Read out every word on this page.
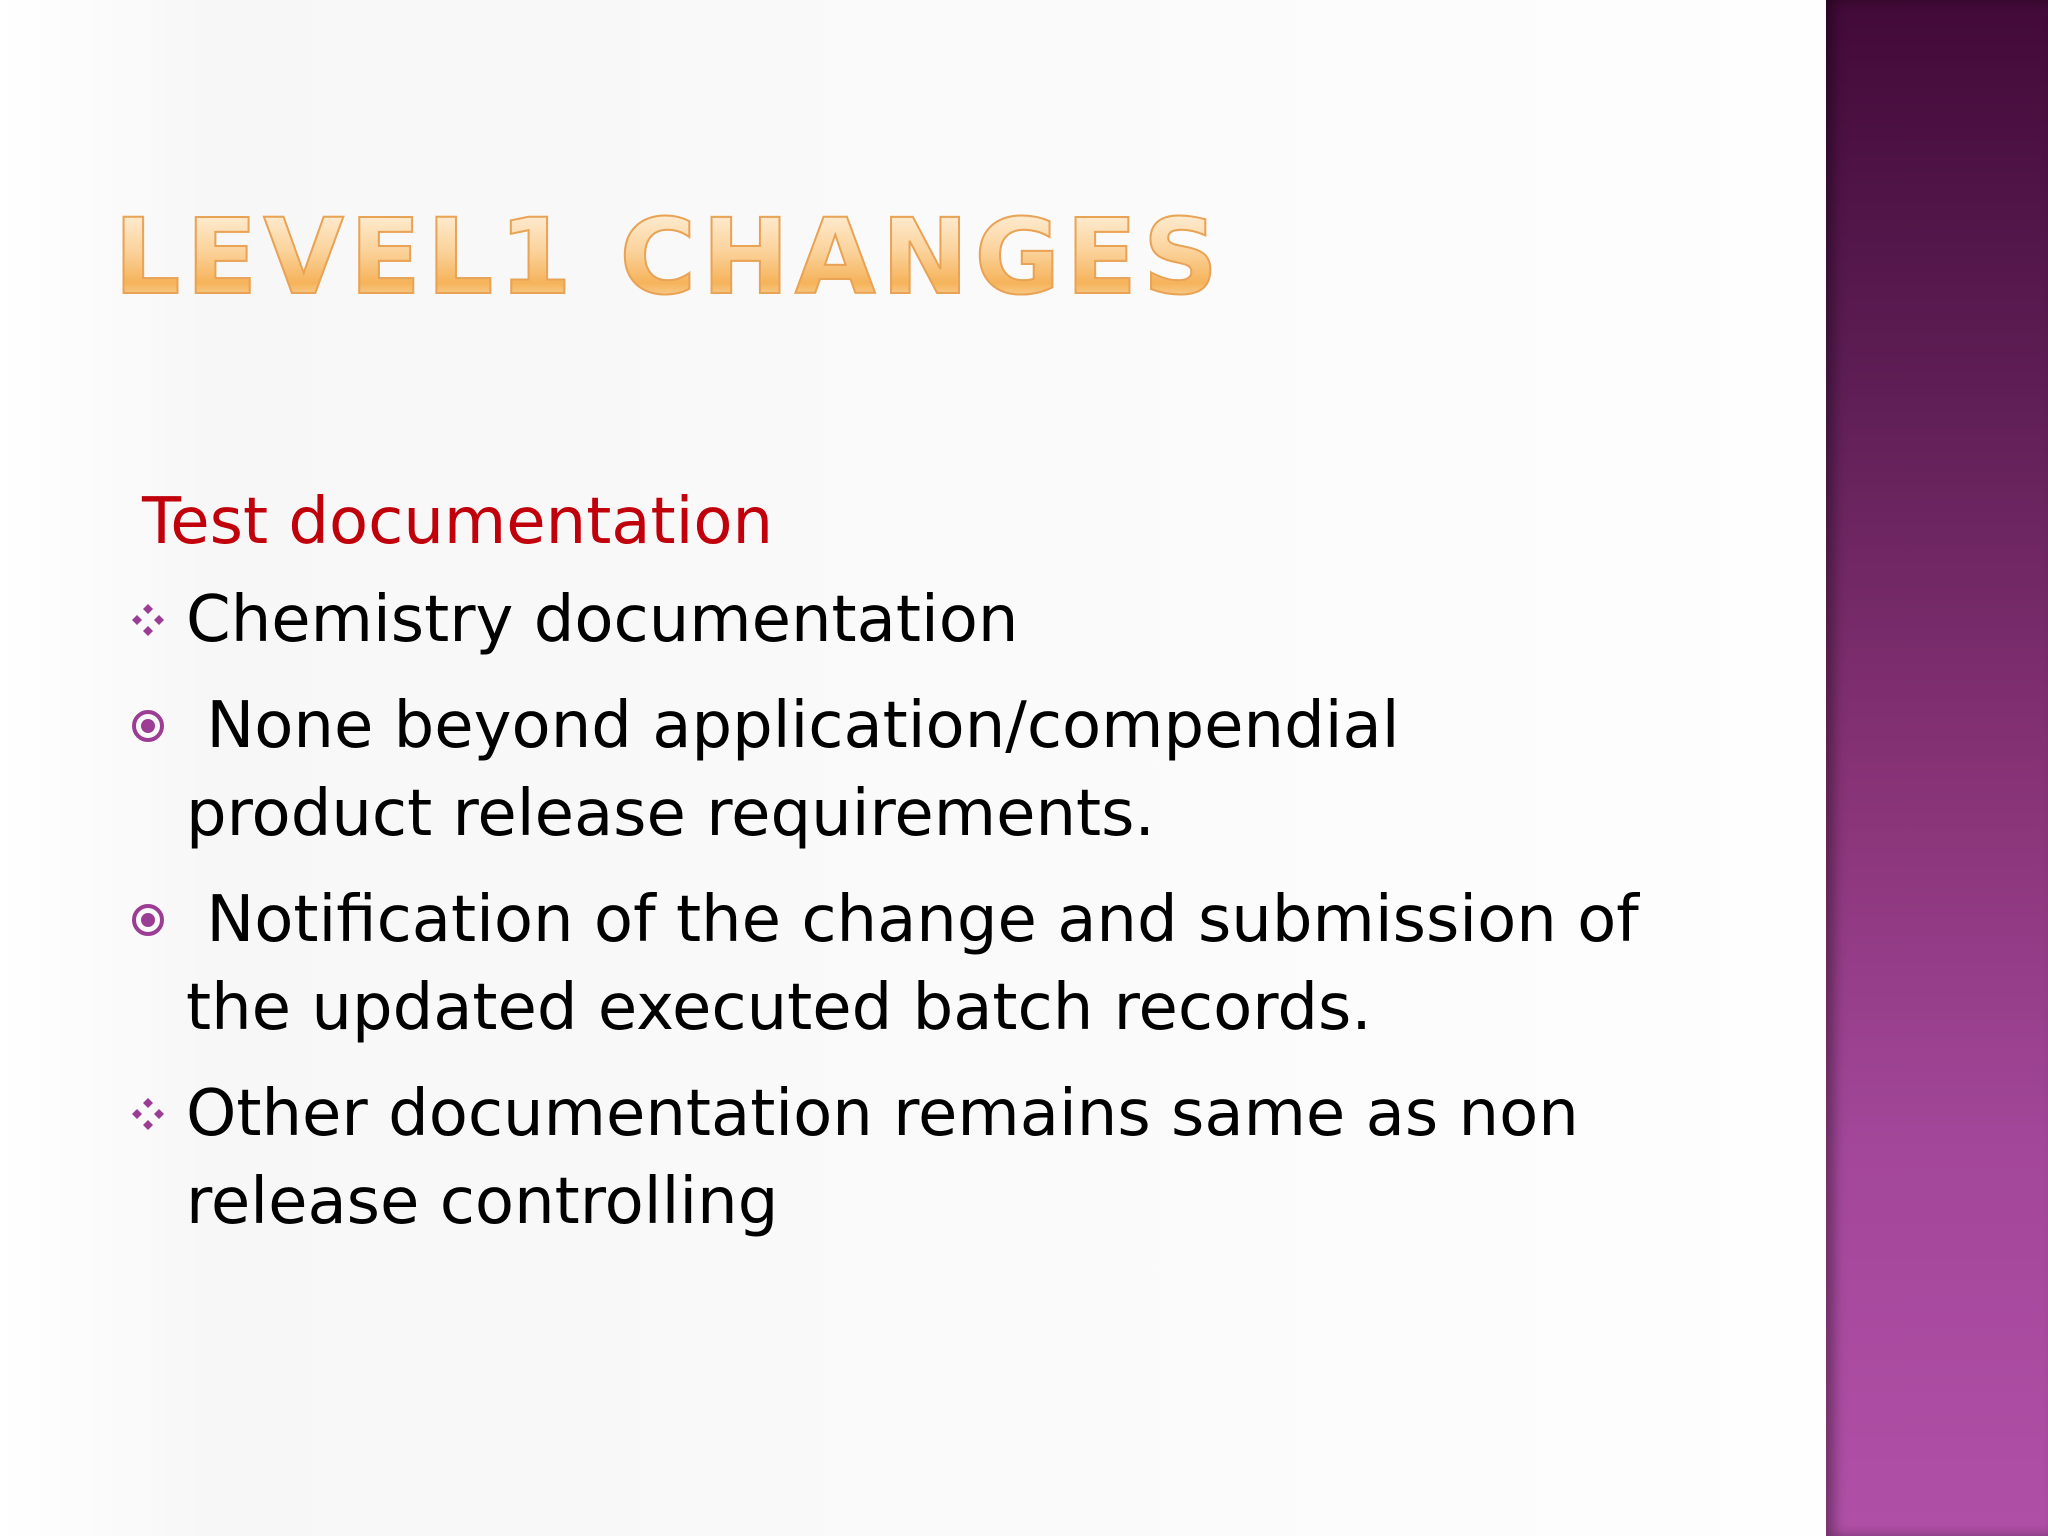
LEVEL1 CHANGES
Test documentation
Chemistry documentation
None beyond application/compendial
product release requirements.
Notification of the change and submission of
the updated executed batch records.
Other documentation remains same as non
release controlling
